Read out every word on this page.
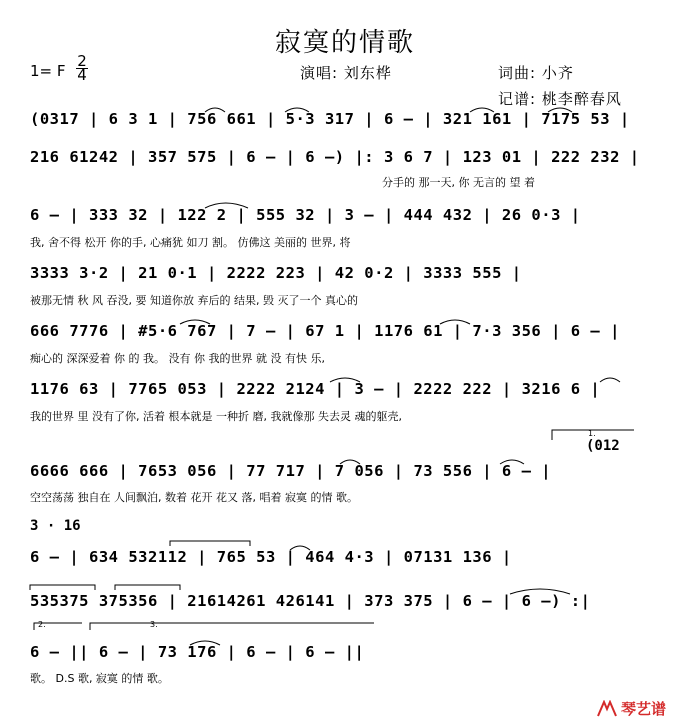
寂寞的情歌
1= F
2
4	演唱: 刘东桦	词曲: 小齐
记谱: 桃李醉春风
(0317 | 6 3 1 | 756 661 | 5·3 317 | 6 – | 321 161 | 7175 53 |
216 61242 | 357 575 | 6 – | 6 –) |: 3 6 7 | 123 01 | 222 232 |
分手的 那一天, 你 无言的 望 着
6 – | 333 32 | 122 2 | 555 32 | 3 – | 444 432 | 26 0·3 |
我, 舍不得 松开 你的手, 心痛犹 如刀 割。 仿佛这 美丽的 世界, 将
3333 3·2 | 21 0·1 | 2222 223 | 42 0·2 | 3333 555 |
被那无情 秋 风 吞没, 要 知道你放 弃后的 结果, 毁 灭了一个 真心的
666 7776 | #5·6 767 | 7 – | 67 1 | 1176 61 | 7·3 356 | 6 – |
痴心的 深深爱着 你 的 我。 没有 你 我的世界 就 没 有快 乐,
1176 63 | 7765 053 | 2222 2124 | 3 – | 2222 222 | 3216 6 |
我的世界 里 没有了你, 活着 根本就是 一种折 磨, 我就像那 失去灵 魂的躯壳,
1.
(012
6666 666 | 7653 056 | 77 717 | 7 056 | 73 556 | 6 – |
空空荡荡 独自在 人间飘泊, 数着 花开 花又 落, 唱着 寂寞 的情 歌。
3 · 16
6 – | 634 532112 | 765 53 | 464 4·3 | 07131 136 |
535375 375356 | 21614261 426141 | 373 375 | 6 – | 6 –) :|
2.	3.
6 – || 6 – | 73 176 | 6 – | 6 – ||
歌。 D.S 歌, 寂寞 的情 歌。
琴艺谱
